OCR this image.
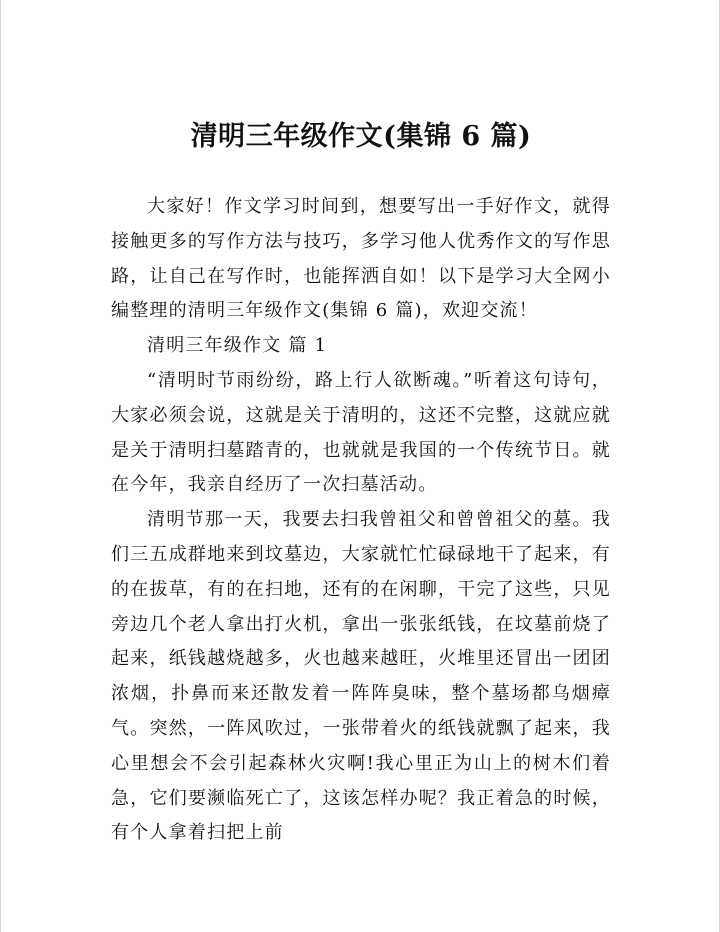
清明三年级作文(集锦 6 篇)

大家好！作文学习时间到，想要写出一手好作文，就得接触更多的写作方法与技巧，多学习他人优秀作文的写作思路，让自己在写作时，也能挥洒自如！以下是学习大全网小编整理的清明三年级作文(集锦 6 篇)，欢迎交流！

清明三年级作文 篇 1

“清明时节雨纷纷，路上行人欲断魂。”听着这句诗句，大家必须会说，这就是关于清明的，这还不完整，这就应就是关于清明扫墓踏青的，也就就是我国的一个传统节日。就在今年，我亲自经历了一次扫墓活动。

清明节那一天，我要去扫我曾祖父和曾曾祖父的墓。我们三五成群地来到坟墓边，大家就忙忙碌碌地干了起来，有的在拔草，有的在扫地，还有的在闲聊，干完了这些，只见旁边几个老人拿出打火机，拿出一张张纸钱，在坟墓前烧了起来，纸钱越烧越多，火也越来越旺，火堆里还冒出一团团浓烟，扑鼻而来还散发着一阵阵臭味，整个墓场都乌烟瘴气。突然，一阵风吹过，一张带着火的纸钱就飘了起来，我心里想会不会引起森林火灾啊!我心里正为山上的树木们着急，它们要濒临死亡了，这该怎样办呢？我正着急的时候，有个人拿着扫把上前
